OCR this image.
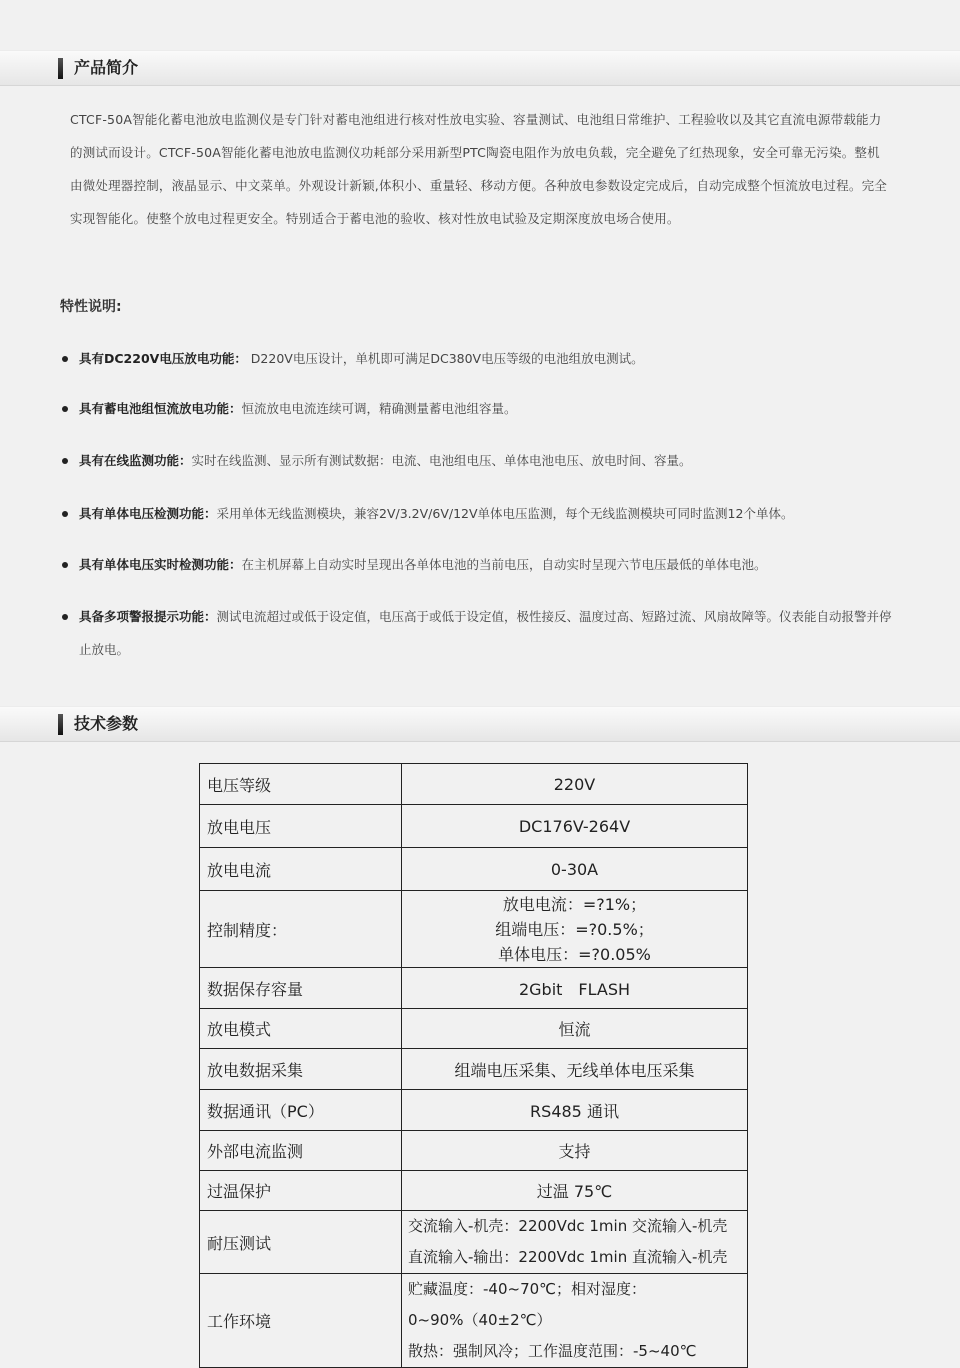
产品简介
CTCF-50A智能化蓄电池放电监测仪是专门针对蓄电池组进行核对性放电实验、容量测试、电池组日常维护、工程验收以及其它直流电源带载能力的测试而设计。CTCF-50A智能化蓄电池放电监测仪功耗部分采用新型PTC陶瓷电阻作为放电负载，完全避免了红热现象，安全可靠无污染。整机由微处理器控制，液晶显示、中文菜单。外观设计新颖,体积小、重量轻、移动方便。各种放电参数设定完成后，自动完成整个恒流放电过程。完全实现智能化。使整个放电过程更安全。特别适合于蓄电池的验收、核对性放电试验及定期深度放电场合使用。
特性说明:
具有DC220V电压放电功能： D220V电压设计，单机即可满足DC380V电压等级的电池组放电测试。
具有蓄电池组恒流放电功能：恒流放电电流连续可调，精确测量蓄电池组容量。
具有在线监测功能：实时在线监测、显示所有测试数据：电流、电池组电压、单体电池电压、放电时间、容量。
具有单体电压检测功能：采用单体无线监测模块，兼容2V/3.2V/6V/12V单体电压监测，每个无线监测模块可同时监测12个单体。
具有单体电压实时检测功能：在主机屏幕上自动实时呈现出各单体电池的当前电压，自动实时呈现六节电压最低的单体电池。
具备多项警报提示功能：测试电流超过或低于设定值，电压高于或低于设定值，极性接反、温度过高、短路过流、风扇故障等。仪表能自动报警并停止放电。
技术参数
电压等级	220V
放电电压	DC176V-264V
放电电流	0-30A
控制精度：	放电电流：=?1%；
组端电压：=?0.5%；
单体电压：=?0.05%

数据保存容量	2Gbit　FLASH
放电模式	恒流
放电数据采集	组端电压采集、无线单体电压采集
数据通讯（PC）	RS485 通讯
外部电流监测	支持
过温保护	过温 75℃
耐压测试	交流输入-机壳：2200Vdc 1min 交流输入-机壳
直流输入-输出：2200Vdc 1min 直流输入-机壳

工作环境	贮藏温度：-40~70℃；相对湿度：0~90%（40±2℃）
散热：强制风冷；工作温度范围：-5~40℃
